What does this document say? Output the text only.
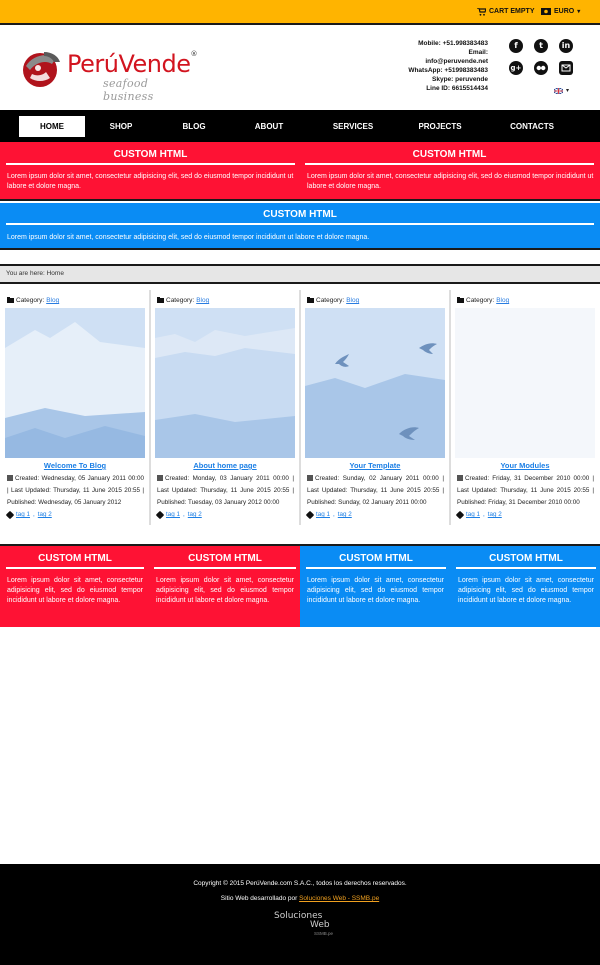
CART EMPTY	EURO ▾
PerúVende®
seafood business
Mobile: +51.998383483
Email:
info@peruvende.net
WhatsApp: +51998383483
Skype: peruvende
Line ID: 6615514434
f	t	in
g+
▾
HOME	SHOP	BLOG	ABOUT	SERVICES	PROJECTS	CONTACTS
CUSTOM HTML
Lorem ipsum dolor sit amet, consectetur adipisicing elit, sed do eiusmod tempor incididunt ut labore et dolore magna.
CUSTOM HTML
Lorem ipsum dolor sit amet, consectetur adipisicing elit, sed do eiusmod tempor incididunt ut labore et dolore magna.
CUSTOM HTML
Lorem ipsum dolor sit amet, consectetur adipisicing elit, sed do eiusmod tempor incididunt ut labore et dolore magna.
You are here: Home
Category: Blog
Welcome To Blog
Created: Wednesday, 05 January 2011 00:00 | Last Updated: Thursday, 11 June 2015 20:55 | Published: Wednesday, 05 January 2012
tag 1 , tag 2
Category: Blog
About home page
Created: Monday, 03 January 2011 00:00 | Last Updated: Thursday, 11 June 2015 20:55 | Published: Tuesday, 03 January 2012 00:00
tag 1 , tag 2
Category: Blog
Your Template
Created: Sunday, 02 January 2011 00:00 | Last Updated: Thursday, 11 June 2015 20:55 | Published: Sunday, 02 January 2011 00:00
tag 1 , tag 2
Category: Blog
Your Modules
Created: Friday, 31 December 2010 00:00 | Last Updated: Thursday, 11 June 2015 20:55 | Published: Friday, 31 December 2010 00:00
tag 1 , tag 2
CUSTOM HTML
Lorem ipsum dolor sit amet, consectetur adipisicing elit, sed do eiusmod tempor incididunt ut labore et dolore magna.
CUSTOM HTML
Lorem ipsum dolor sit amet, consectetur adipisicing elit, sed do eiusmod tempor incididunt ut labore et dolore magna.
CUSTOM HTML
Lorem ipsum dolor sit amet, consectetur adipisicing elit, sed do eiusmod tempor incididunt ut labore et dolore magna.
CUSTOM HTML
Lorem ipsum dolor sit amet, consectetur adipisicing elit, sed do eiusmod tempor incididunt ut labore et dolore magna.
Copyright © 2015 PerúVende.com S.A.C., todos los derechos reservados.
Sitio Web desarrollado por Soluciones Web - SSMB.pe
Soluciones
Web
SSMB.pe
